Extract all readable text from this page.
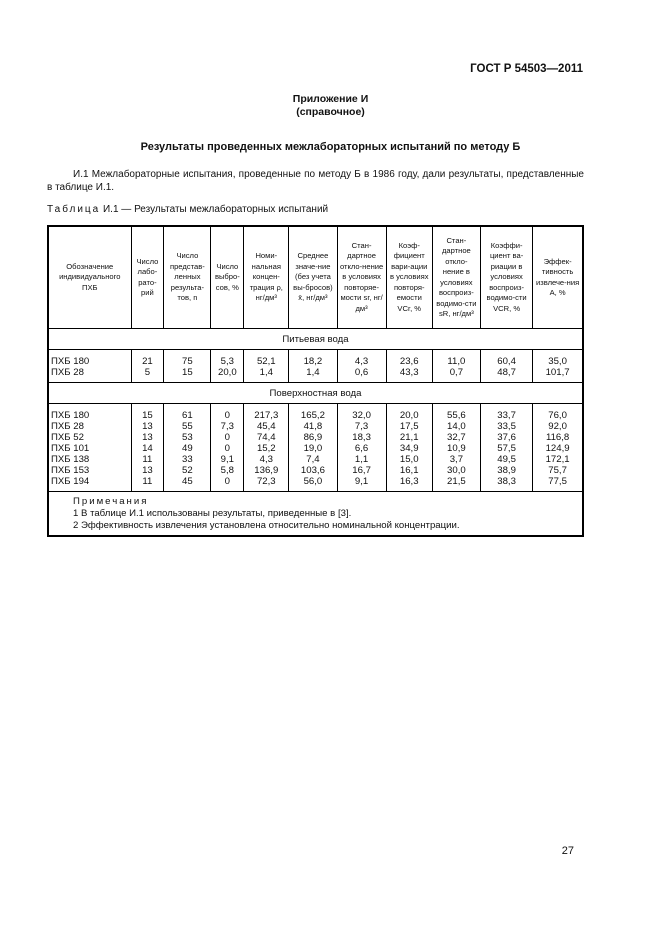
ГОСТ Р 54503—2011
Приложение И
(справочное)
Результаты проведенных межлабораторных испытаний по методу Б
И.1 Межлабораторные испытания, проведенные по методу Б в 1986 году, дали результаты, представленные в таблице И.1.
Таблица И.1 — Результаты межлабораторных испытаний
Обозначение индивидуального ПХБ	Число лабо-рато-рий	Число представ-ленных результа-тов, n	Число выбро-сов, %	Номи-нальная концен-трация ρ, нг/дм³	Среднее значе-ние (без учета вы-бросов) x̄, нг/дм³	Стан-дартное откло-нение в условиях повторяе-мости sr, нг/дм³	Коэф-фициент вари-ации в условиях повторя-емости VCr, %	Стан-дартное откло-нение в условиях воспроиз-водимо-сти sR, нг/дм³	Коэффи-циент ва-риации в условиях воспроиз-водимо-сти VCR, %	Эффек-тивность извлече-ния A, %
Питьевая вода										
ПХБ 180	21	75	5,3	52,1	18,2	4,3	23,6	11,0	60,4	35,0
ПХБ 28	5	15	20,0	1,4	1,4	0,6	43,3	0,7	48,7	101,7
Поверхностная вода										
ПХБ 180	15	61	0	217,3	165,2	32,0	20,0	55,6	33,7	76,0
ПХБ 28	13	55	7,3	45,4	41,8	7,3	17,5	14,0	33,5	92,0
ПХБ 52	13	53	0	74,4	86,9	18,3	21,1	32,7	37,6	116,8
ПХБ 101	14	49	0	15,2	19,0	6,6	34,9	10,9	57,5	124,9
ПХБ 138	11	33	9,1	4,3	7,4	1,1	15,0	3,7	49,5	172,1
ПХБ 153	13	52	5,8	136,9	103,6	16,7	16,1	30,0	38,9	75,7
ПХБ 194	11	45	0	72,3	56,0	9,1	16,3	21,5	38,3	77,5

Примечания
1 В таблице И.1 использованы результаты, приведенные в [3].
2 Эффективность извлечения установлена относительно номинальной концентрации.										
27
